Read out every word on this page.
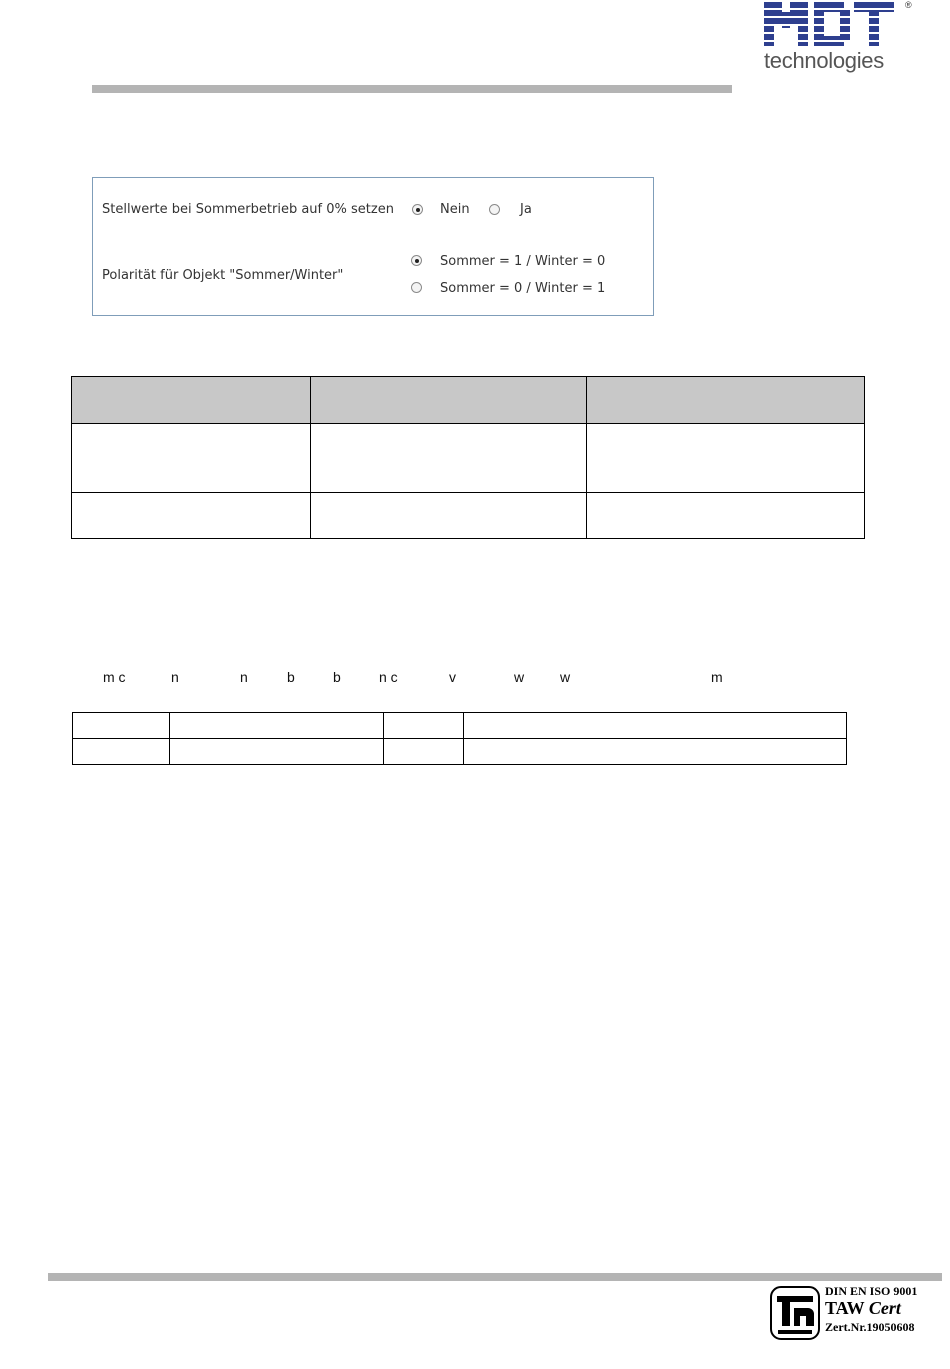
®
technologies
Stellwerte bei Sommerbetrieb auf 0% setzen	Nein	Ja
Polarität für Objekt "Sommer/Winter"
Sommer = 1 / Winter = 0
Sommer = 0 / Winter = 1

m c	n	n	b	b	n c	v	w	w	m

DIN EN ISO 9001
TAW Cert
Zert.Nr.19050608
